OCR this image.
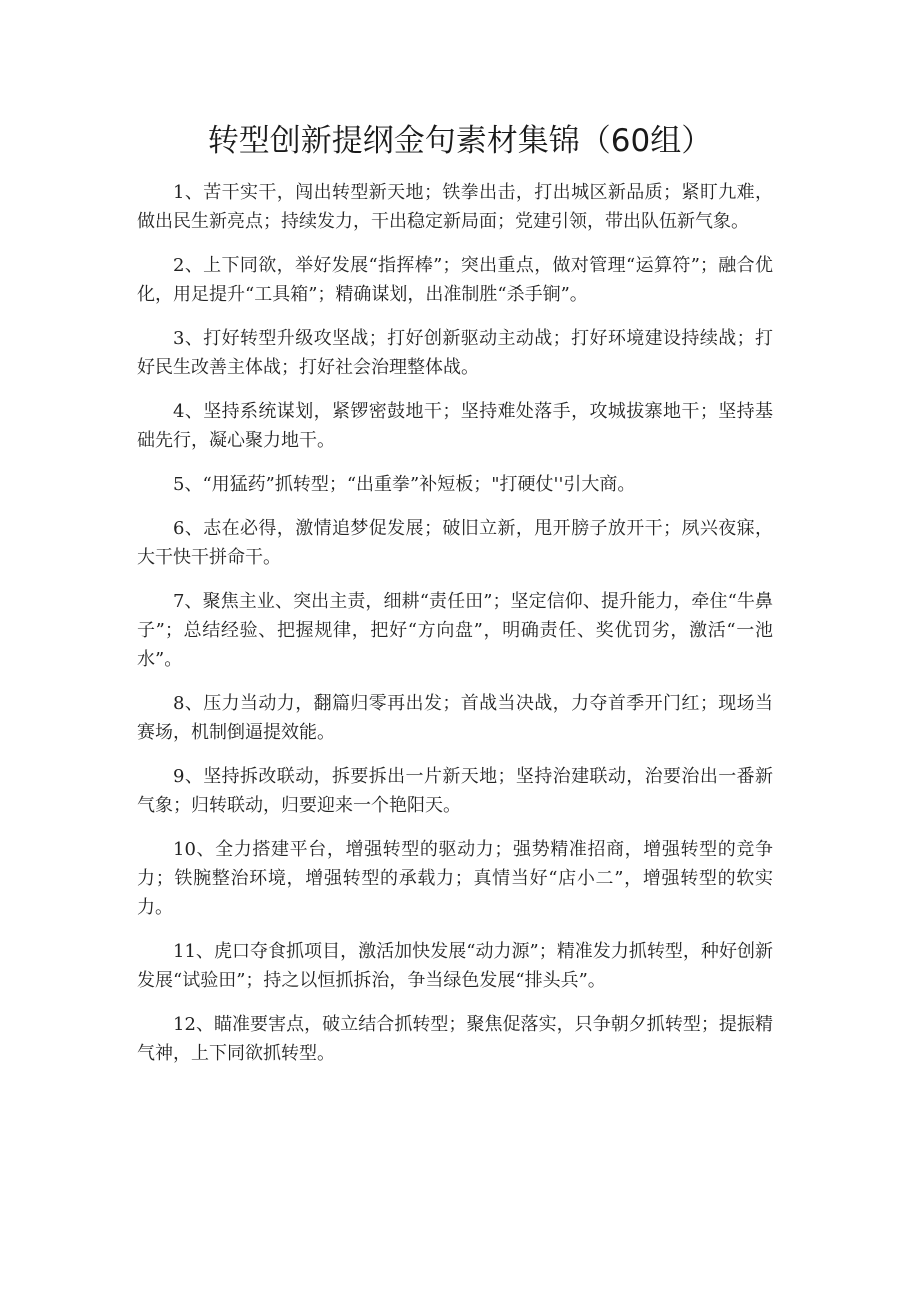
转型创新提纲金句素材集锦（60组）

1、苦干实干，闯出转型新天地；铁拳出击，打出城区新品质；紧盯九难，做出民生新亮点；持续发力，干出稳定新局面；党建引领，带出队伍新气象。

2、上下同欲，举好发展“指挥棒”；突出重点，做对管理“运算符”；融合优化，用足提升“工具箱”；精确谋划，出准制胜“杀手锏”。

3、打好转型升级攻坚战；打好创新驱动主动战；打好环境建设持续战；打好民生改善主体战；打好社会治理整体战。

4、坚持系统谋划，紧锣密鼓地干；坚持难处落手，攻城拔寨地干；坚持基础先行，凝心聚力地干。

5、“用猛药”抓转型；“出重拳”补短板；"打硬仗''引大商。

6、志在必得，激情追梦促发展；破旧立新，甩开膀子放开干；夙兴夜寐，大干快干拼命干。

7、聚焦主业、突出主责，细耕“责任田”；坚定信仰、提升能力，牵住“牛鼻子”；总结经验、把握规律，把好“方向盘”，明确责任、奖优罚劣，激活“一池水”。

8、压力当动力，翻篇归零再出发；首战当决战，力夺首季开门红；现场当赛场，机制倒逼提效能。

9、坚持拆改联动，拆要拆出一片新天地；坚持治建联动，治要治出一番新气象；归转联动，归要迎来一个艳阳天。

10、全力搭建平台，增强转型的驱动力；强势精准招商，增强转型的竞争力；铁腕整治环境，增强转型的承载力；真情当好“店小二”，增强转型的软实力。

11、虎口夺食抓项目，激活加快发展“动力源”；精准发力抓转型，种好创新发展“试验田”；持之以恒抓拆治，争当绿色发展“排头兵”。

12、瞄准要害点，破立结合抓转型；聚焦促落实，只争朝夕抓转型；提振精气神，上下同欲抓转型。
